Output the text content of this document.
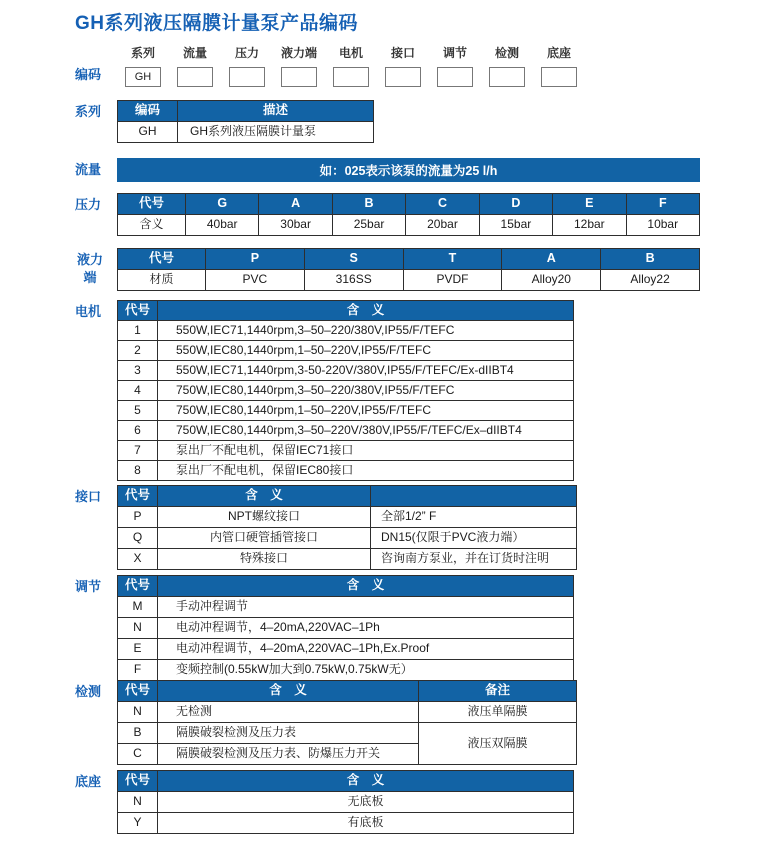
GH系列液压隔膜计量泵产品编码
编码
系列
GH
流量 压力 液力端 电机 接口 调节 检测 底座
系列	编码	描述
GH	GH系列液压隔膜计量泵
流量	如：025表示该泵的流量为25 l/h
压力	代号	G	A	B	C	D	E	F
含义	40bar	30bar	25bar	20bar	15bar	12bar	10bar
液力端
代号	P	S	T	A	B
材质	PVC	316SS	PVDF	Alloy20	Alloy22
电机	代号	含　义
1	550W,IEC71,1440rpm,3–50–220/380V,IP55/F/TEFC
2	550W,IEC80,1440rpm,1–50–220V,IP55/F/TEFC
3	550W,IEC71,1440rpm,3-50-220V/380V,IP55/F/TEFC/Ex-dIIBT4
4	750W,IEC80,1440rpm,3–50–220/380V,IP55/F/TEFC
5	750W,IEC80,1440rpm,1–50–220V,IP55/F/TEFC
6	750W,IEC80,1440rpm,3–50–220V/380V,IP55/F/TEFC/Ex–dIIBT4
7	泵出厂不配电机，保留IEC71接口
8	泵出厂不配电机，保留IEC80接口
接口	代号	含　义	
P	NPT螺纹接口	全部1/2” F
Q	内管口硬管插管接口	DN15(仅限于PVC液力端）
X	特殊接口	咨询南方泵业，并在订货时注明
调节	代号	含　义
M	手动冲程调节
N	电动冲程调节，4–20mA,220VAC–1Ph
E	电动冲程调节，4–20mA,220VAC–1Ph,Ex.Proof
F	变频控制(0.55kW加大到0.75kW,0.75kW无）
检测	代号	含　义	备注
N	无检测	液压单隔膜
B	隔膜破裂检测及压力表	液压双隔膜
C	隔膜破裂检测及压力表、防爆压力开关	
底座	代号	含　义
N	无底板
Y	有底板
